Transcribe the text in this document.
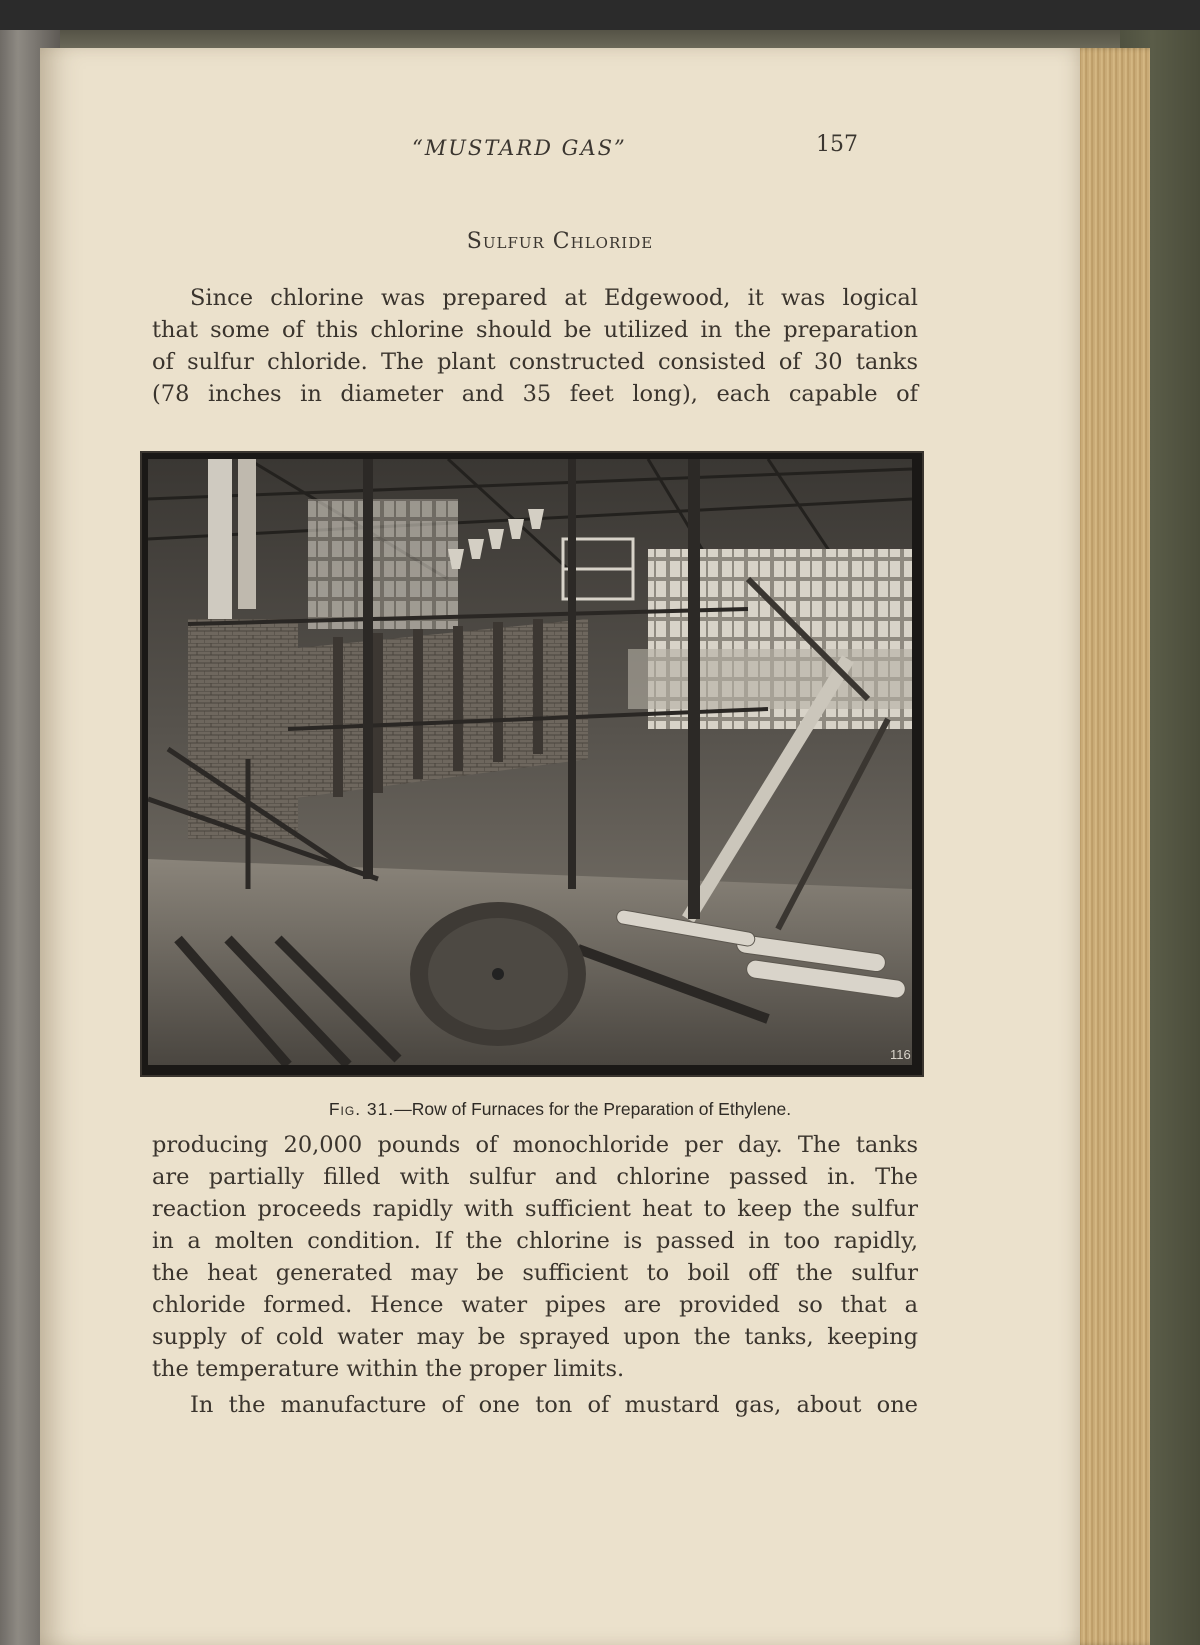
“MUSTARD GAS”	157
Sulfur Chloride
Since chlorine was prepared at Edgewood, it was logical
that some of this chlorine should be utilized in the preparation
of sulfur chloride. The plant constructed consisted of 30 tanks
(78 inches in diameter and 35 feet long), each capable of
116
Fig. 31.—Row of Furnaces for the Preparation of Ethylene.
producing 20,000 pounds of monochloride per day. The tanks
are partially filled with sulfur and chlorine passed in. The
reaction proceeds rapidly with sufficient heat to keep the sulfur
in a molten condition. If the chlorine is passed in too rapidly,
the heat generated may be sufficient to boil off the sulfur
chloride formed. Hence water pipes are provided so that a
supply of cold water may be sprayed upon the tanks, keeping
the temperature within the proper limits.
In the manufacture of one ton of mustard gas, about one
